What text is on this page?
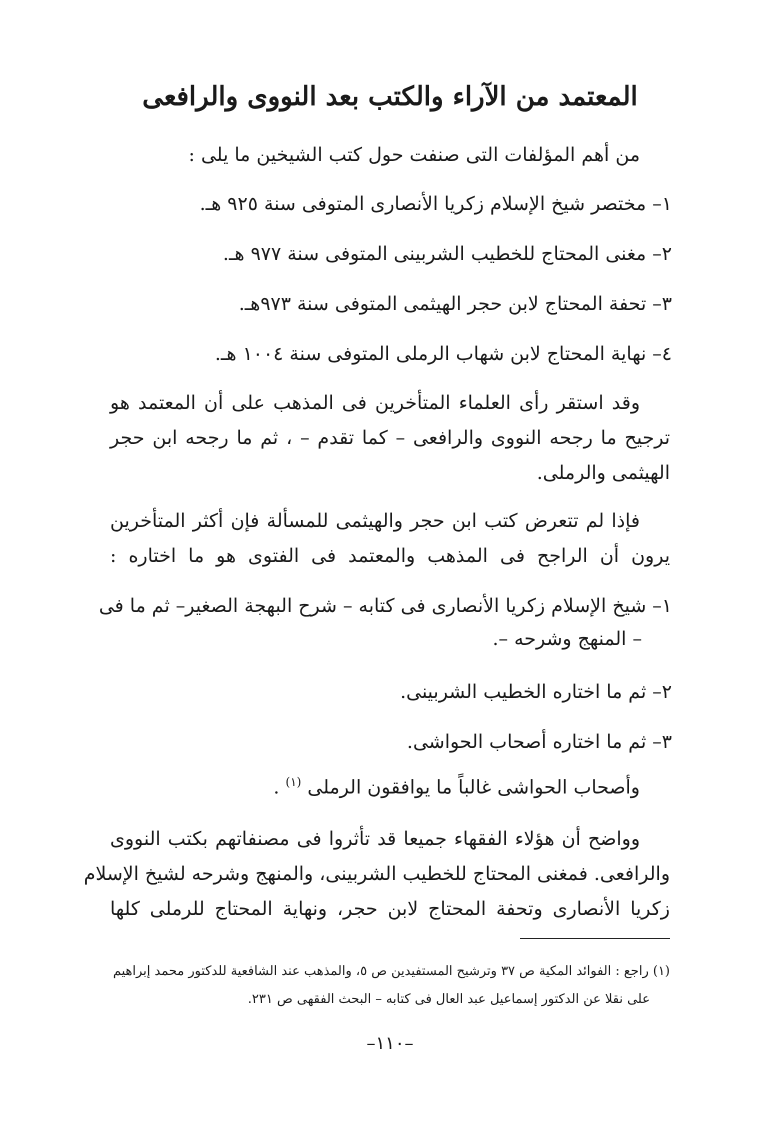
المعتمد من الآراء والكتب بعد النووى والرافعى

من أهم المؤلفات التى صنفت حول كتب الشيخين ما يلى :

١– مختصر شيخ الإسلام زكريا الأنصارى المتوفى سنة ٩٢٥ هـ.

٢– مغنى المحتاج للخطيب الشربينى المتوفى سنة ٩٧٧ هـ.

٣– تحفة المحتاج لابن حجر الهيثمى المتوفى سنة ٩٧٣هـ.

٤– نهاية المحتاج لابن شهاب الرملى المتوفى سنة ١٠٠٤ هـ.

وقد استقر رأى العلماء المتأخرين فى المذهب على أن المعتمد هو

ترجيح ما رجحه النووى والرافعى – كما تقدم – ، ثم ما رجحه ابن حجر

الهيثمى والرملى.

فإذا لم تتعرض كتب ابن حجر والهيثمى للمسألة فإن أكثر المتأخرين

يرون أن الراجح فى المذهب والمعتمد فى الفتوى هو ما اختاره :

١– شيخ الإسلام زكريا الأنصارى فى كتابه – شرح البهجة الصغير– ثم ما فى

– المنهج وشرحه –.

٢– ثم ما اختاره الخطيب الشربينى.

٣– ثم ما اختاره أصحاب الحواشى.

وأصحاب الحواشى غالباً ما يوافقون الرملى $^{(١)}$ .

وواضح أن هؤلاء الفقهاء جميعا قد تأثروا فى مصنفاتهم بكتب النووى

والرافعى. فمغنى المحتاج للخطيب الشربينى، والمنهج وشرحه لشيخ الإسلام

زكريا الأنصارى وتحفة المحتاج لابن حجر، ونهاية المحتاج للرملى كلها

(١) راجع : الفوائد المكية ص ٣٧ وترشيح المستفيدين ص ٥، والمذهب عند الشافعية للدكتور محمد إبراهيم

على نقلا عن الدكتور إسماعيل عبد العال فى كتابه – البحث الفقهى ص ٢٣١.

–١١٠–
